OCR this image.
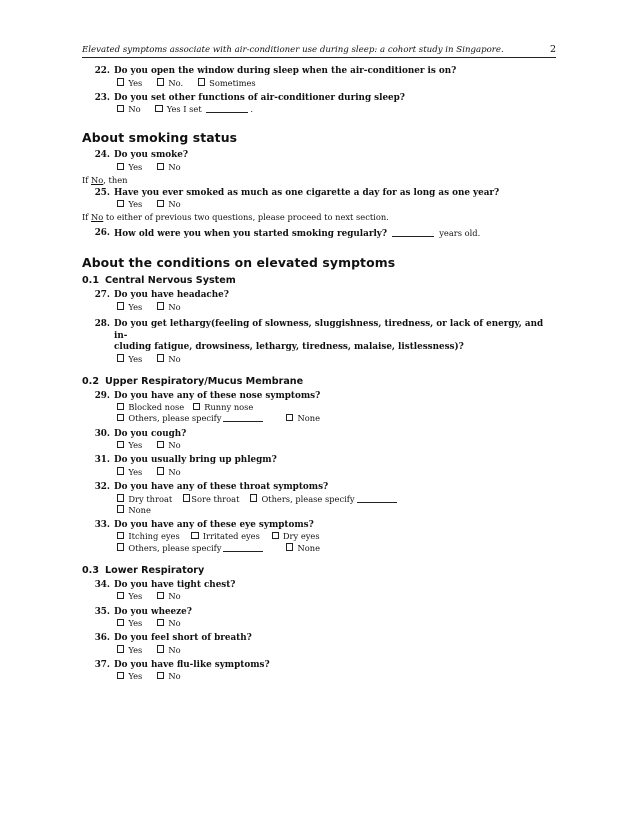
Elevated symptoms associate with air-conditioner use during sleep: a cohort study in Singapore.	2
22. Do you open the window during sleep when the air-conditioner is on?
Yes	No.	Sometimes
23. Do you set other functions of air-conditioner during sleep?
No	Yes I set	.
About smoking status
24. Do you smoke?
Yes	No
If No, then
25. Have you ever smoked as much as one cigarette a day for as long as one year?
Yes	No
If No to either of previous two questions, please proceed to next section.
26. How old were you when you started smoking regularly?	years old.
About the conditions on elevated symptoms
0.1 Central Nervous System
27. Do you have headache?
Yes	No
28. Do you get lethargy(feeling of slowness, sluggishness, tiredness, or lack of energy, and in-
cluding fatigue, drowsiness, lethargy, tiredness, malaise, listlessness)?
Yes	No
0.2 Upper Respiratory/Mucus Membrane
29. Do you have any of these nose symptoms?
Blocked nose Runny nose
Others, please specify	None
30. Do you cough?
Yes	No
31. Do you usually bring up phlegm?
Yes	No
32. Do you have any of these throat symptoms?
Dry throat Sore throat	Others, please specify
None
33. Do you have any of these eye symptoms?
Itching eyes	Irritated eyes	Dry eyes
Others, please specify	None
0.3 Lower Respiratory
34. Do you have tight chest?
Yes	No
35. Do you wheeze?
Yes	No
36. Do you feel short of breath?
Yes	No
37. Do you have flu-like symptoms?
Yes	No
